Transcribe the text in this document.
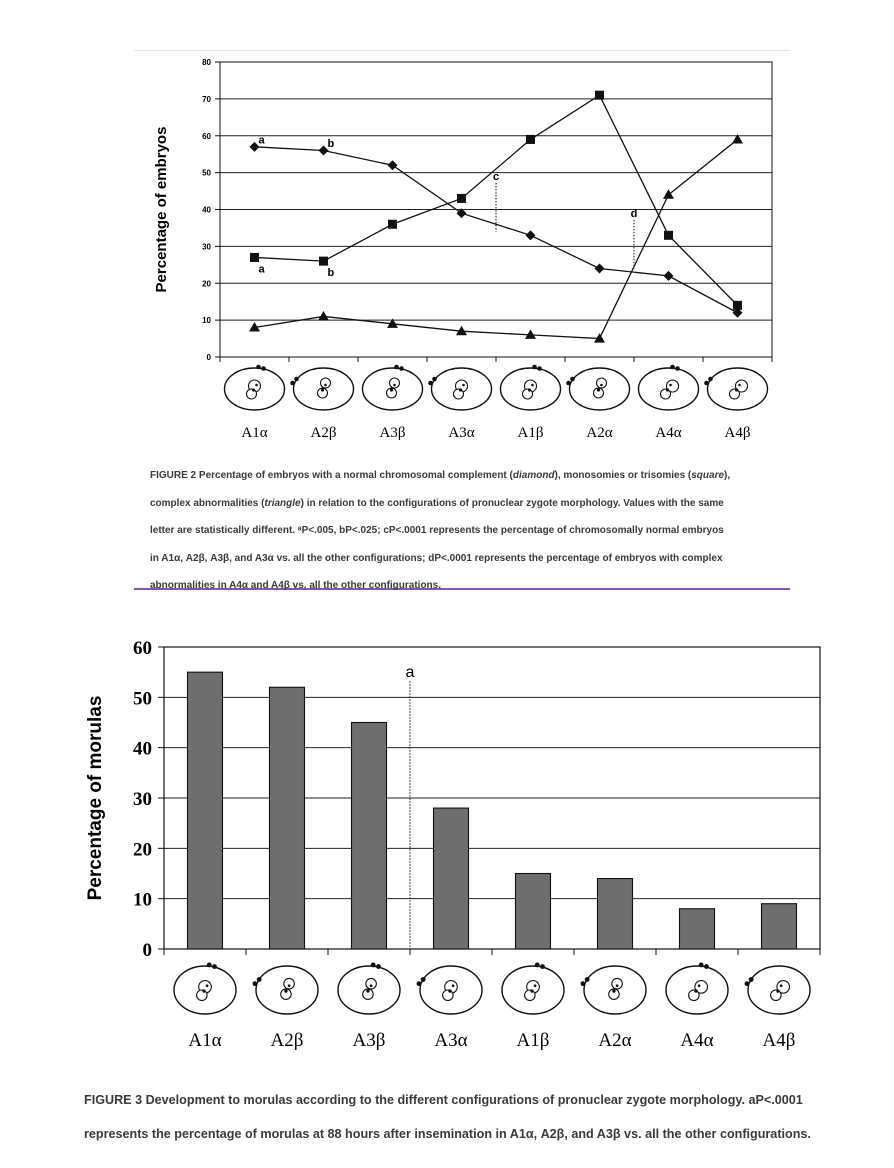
0
10
20
30
40
50
60
70
80
Percentage of embryos	a	b
a	b
c
d
A1α	A2β	A3β	A3α	A1β	A2α	A4α	A4β
FIGURE 2 Percentage of embryos with a normal chromosomal complement (diamond), monosomies or trisomies (square),
complex abnormalities (triangle) in relation to the configurations of pronuclear zygote morphology. Values with the same
letter are statistically different. ᵃP<.005, bP<.025; cP<.0001 represents the percentage of chromosomally normal embryos
in A1α, A2β, A3β, and A3α vs. all the other configurations; dP<.0001 represents the percentage of embryos with complex
abnormalities in A4α and A4β vs. all the other configurations.
0
10
20
30
40
50
60
Percentage of morulas
a
A1α	A2β	A3β	A3α	A1β	A2α	A4α	A4β
FIGURE 3 Development to morulas according to the different configurations of pronuclear zygote morphology. aP<.0001
represents the percentage of morulas at 88 hours after insemination in A1α, A2β, and A3β vs. all the other configurations.
